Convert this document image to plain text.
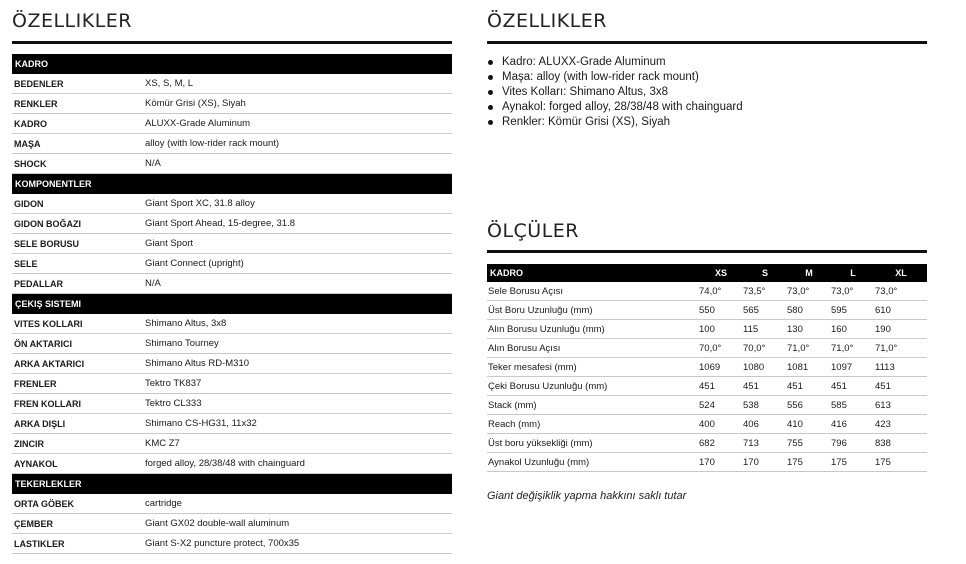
ÖZELLIKLER
KADRO
BEDENLER	XS, S, M, L
RENKLER	Kömür Grisi (XS), Siyah
KADRO	ALUXX-Grade Aluminum
MAŞA	alloy (with low-rider rack mount)
SHOCK	N/A
KOMPONENTLER
GIDON	Giant Sport XC, 31.8 alloy
GIDON BOĞAZI	Giant Sport Ahead, 15-degree, 31.8
SELE BORUSU	Giant Sport
SELE	Giant Connect (upright)
PEDALLAR	N/A
ÇEKIŞ SISTEMI
VITES KOLLARI	Shimano Altus, 3x8
ÖN AKTARICI	Shimano Tourney
ARKA AKTARICI	Shimano Altus RD-M310
FRENLER	Tektro TK837
FREN KOLLARI	Tektro CL333
ARKA DIŞLI	Shimano CS-HG31, 11x32
ZINCIR	KMC Z7
AYNAKOL	forged alloy, 28/38/48 with chainguard
TEKERLEKLER
ORTA GÖBEK	cartridge
ÇEMBER	Giant GX02 double-wall aluminum
LASTIKLER	Giant S-X2 puncture protect, 700x35
ÖZELLIKLER
Kadro: ALUXX-Grade Aluminum
Maşa: alloy (with low-rider rack mount)
Vites Kolları: Shimano Altus, 3x8
Aynakol: forged alloy, 28/38/48 with chainguard
Renkler: Kömür Grisi (XS), Siyah
ÖLÇÜLER
KADRO	XS	S	M	L	XL
Sele Borusu Açısı	74,0°	73,5°	73,0°	73,0°	73,0°
Üst Boru Uzunluğu (mm)	550	565	580	595	610
Alın Borusu Uzunluğu (mm)	100	115	130	160	190
Alın Borusu Açısı	70,0°	70,0°	71,0°	71,0°	71,0°
Teker mesafesi (mm)	1069	1080	1081	1097	1113
Çeki Borusu Uzunluğu (mm)	451	451	451	451	451
Stack (mm)	524	538	556	585	613
Reach (mm)	400	406	410	416	423
Üst boru yüksekliği (mm)	682	713	755	796	838
Aynakol Uzunluğu (mm)	170	170	175	175	175
Giant değişiklik yapma hakkını saklı tutar
